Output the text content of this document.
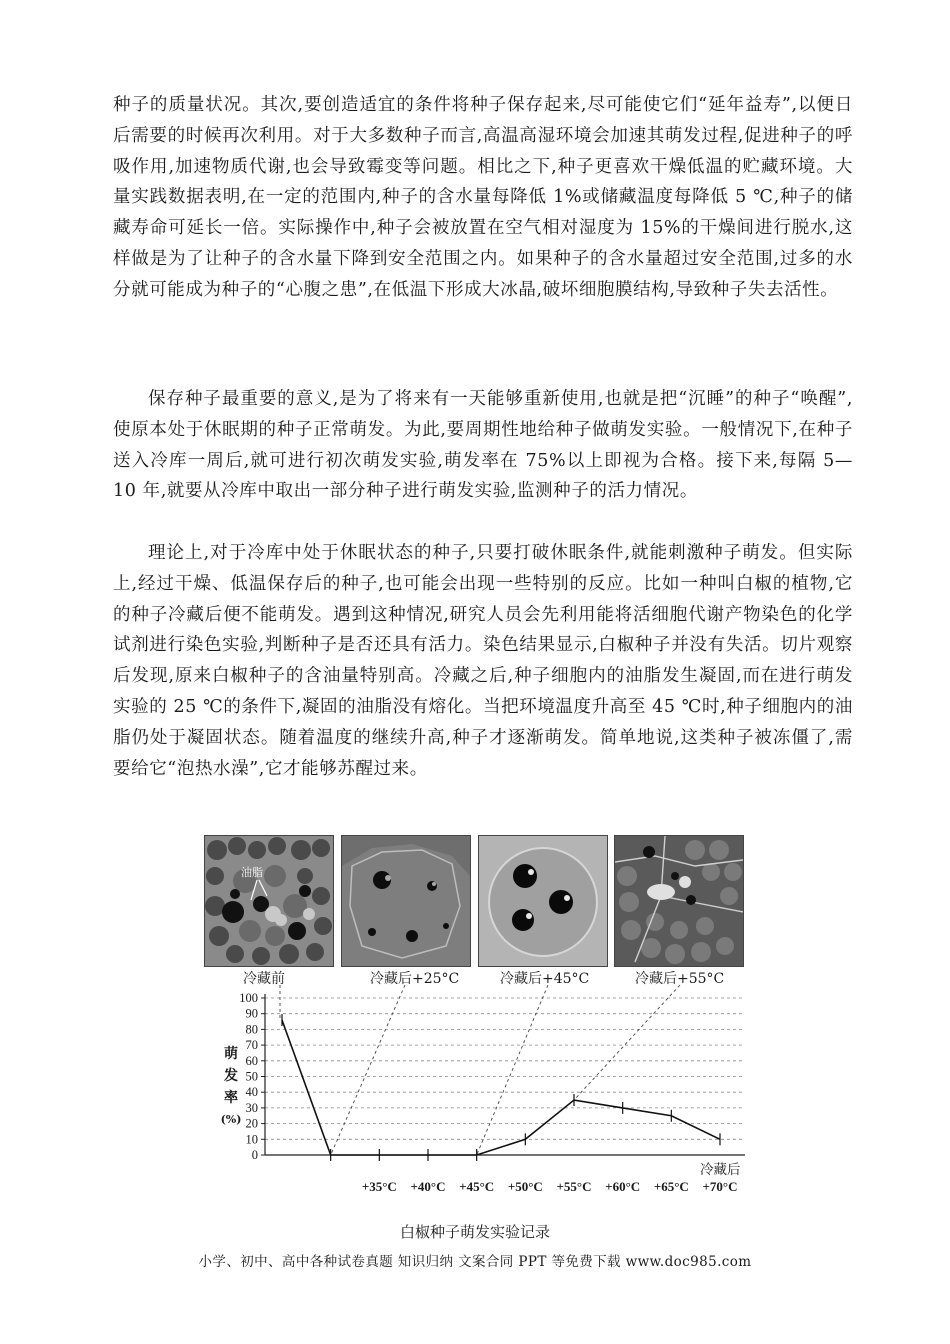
种子的质量状况。其次,要创造适宜的条件将种子保存起来,尽可能使它们“延年益寿”,以便日后需要的时候再次利用。对于大多数种子而言,高温高湿环境会加速其萌发过程,促进种子的呼吸作用,加速物质代谢,也会导致霉变等问题。相比之下,种子更喜欢干燥低温的贮藏环境。大量实践数据表明,在一定的范围内,种子的含水量每降低 1%或储藏温度每降低 5 ℃,种子的储藏寿命可延长一倍。实际操作中,种子会被放置在空气相对湿度为 15%的干燥间进行脱水,这样做是为了让种子的含水量下降到安全范围之内。如果种子的含水量超过安全范围,过多的水分就可能成为种子的“心腹之患”,在低温下形成大冰晶,破坏细胞膜结构,导致种子失去活性。

保存种子最重要的意义,是为了将来有一天能够重新使用,也就是把“沉睡”的种子“唤醒”,使原本处于休眠期的种子正常萌发。为此,要周期性地给种子做萌发实验。一般情况下,在种子送入冷库一周后,就可进行初次萌发实验,萌发率在 75%以上即视为合格。接下来,每隔 5—10 年,就要从冷库中取出一部分种子进行萌发实验,监测种子的活力情况。

理论上,对于冷库中处于休眠状态的种子,只要打破休眠条件,就能刺激种子萌发。但实际上,经过干燥、低温保存后的种子,也可能会出现一些特别的反应。比如一种叫白椒的植物,它的种子冷藏后便不能萌发。遇到这种情况,研究人员会先利用能将活细胞代谢产物染色的化学试剂进行染色实验,判断种子是否还具有活力。染色结果显示,白椒种子并没有失活。切片观察后发现,原来白椒种子的含油量特别高。冷藏之后,种子细胞内的油脂发生凝固,而在进行萌发实验的 25 ℃的条件下,凝固的油脂没有熔化。当把环境温度升高至 45 ℃时,种子细胞内的油脂仍处于凝固状态。随着温度的继续升高,种子才逐渐萌发。简单地说,这类种子被冻僵了,需要给它“泡热水澡”,它才能够苏醒过来。

油脂
冷藏前	冷藏后+25°C	冷藏后+45°C	冷藏后+55°C
0
10
20
30
40
50
60
70
80
90
100
+35°C +40°C +45°C +50°C +55°C +60°C +65°C +70°C
萌
发
率
(%)
冷藏后
白椒种子萌发实验记录
小学、初中、高中各种试卷真题 知识归纳 文案合同 PPT 等免费下载 www.doc985.com
